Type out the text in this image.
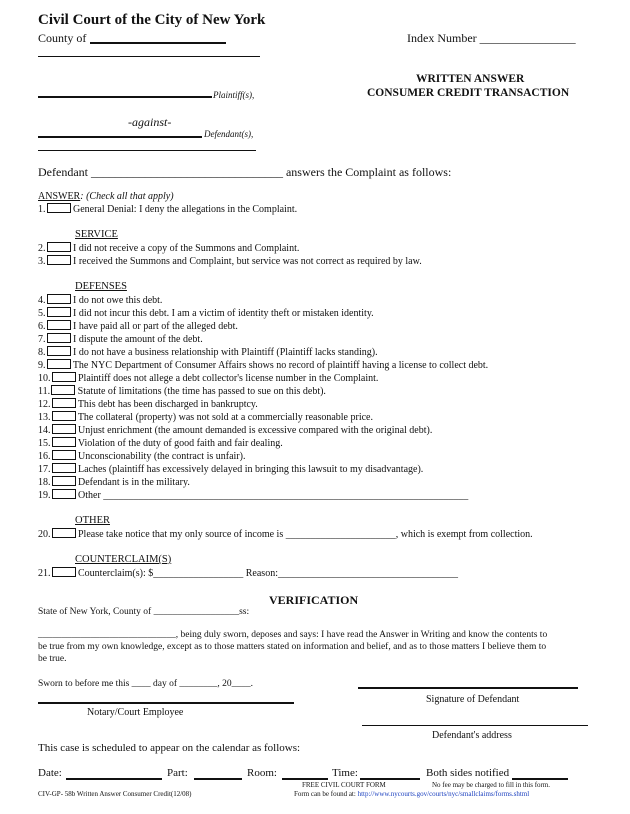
Civil Court of the City of New York
County of	Index Number ________________
Plaintiff(s),
-against-
Defendant(s),
WRITTEN ANSWER
CONSUMER CREDIT TRANSACTION
Defendant ________________________________ answers the Complaint as follows:
ANSWER: (Check all that apply)
1.	General Denial: I deny the allegations in the Complaint.
SERVICE
2.	I did not receive a copy of the Summons and Complaint.
3.	I received the Summons and Complaint, but service was not correct as required by law.
DEFENSES
4.	I do not owe this debt.
5.	I did not incur this debt. I am a victim of identity theft or mistaken identity.
6.	I have paid all or part of the alleged debt.
7.	I dispute the amount of the debt.
8.	I do not have a business relationship with Plaintiff (Plaintiff lacks standing).
9.	The NYC Department of Consumer Affairs shows no record of plaintiff having a license to collect debt.
10.	Plaintiff does not allege a debt collector's license number in the Complaint.
11.	Statute of limitations (the time has passed to sue on this debt).
12.	This debt has been discharged in bankruptcy.
13.	The collateral (property) was not sold at a commercially reasonable price.
14.	Unjust enrichment (the amount demanded is excessive compared with the original debt).
15.	Violation of the duty of good faith and fair dealing.
16.	Unconscionability (the contract is unfair).
17.	Laches (plaintiff has excessively delayed in bringing this lawsuit to my disadvantage).
18.	Defendant is in the military.
19.	Other _________________________________________________________________________
OTHER
20.	Please take notice that my only source of income is ______________________, which is exempt from collection.
COUNTERCLAIM(S)
21.	Counterclaim(s): $__________________ Reason:____________________________________
VERIFICATION
State of New York, County of __________________ss:
_____________________________, being duly sworn, deposes and says: I have read the Answer in Writing and know the contents to
be true from my own knowledge, except as to those matters stated on information and belief, and as to those matters I believe them to
be true.
Sworn to before me this ____ day of ________, 20____.
Signature of Defendant
Notary/Court Employee
Defendant's address
This case is scheduled to appear on the calendar as follows:
Date:	Part:	Room:	Time:	Both sides notified
FREE CIVIL COURT FORM	No fee may be charged to fill in this form.
CIV-GP- 58b Written Answer Consumer Credit(12/08)	Form can be found at: http://www.nycourts.gov/courts/nyc/smallclaims/forms.shtml
